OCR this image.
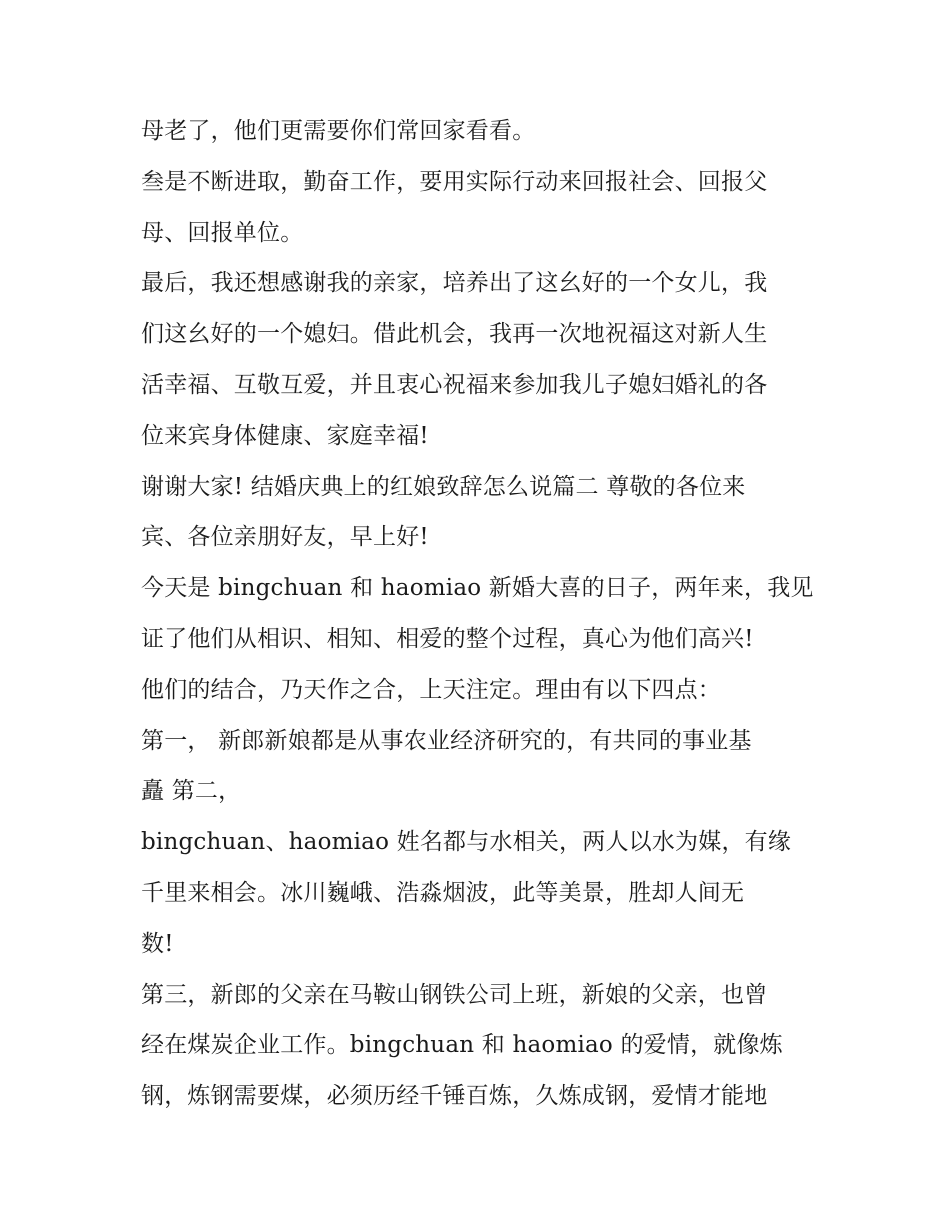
母老了，他们更需要你们常回家看看。
叁是不断进取，勤奋工作，要用实际行动来回报社会、回报父
母、回报单位。
最后，我还想感谢我的亲家，培养出了这幺好的一个女儿，我
们这幺好的一个媳妇。借此机会，我再一次地祝福这对新人生
活幸福、互敬互爱，并且衷心祝福来参加我儿子媳妇婚礼的各
位来宾身体健康、家庭幸福!
谢谢大家! 结婚庆典上的红娘致辞怎么说篇二 尊敬的各位来
宾、各位亲朋好友，早上好!
今天是 bingchuan 和 haomiao 新婚大喜的日子，两年来，我见
证了他们从相识、相知、相爱的整个过程，真心为他们高兴!
他们的结合，乃天作之合，上天注定。理由有以下四点：
第一， 新郎新娘都是从事农业经济研究的，有共同的事业基
矗 第二，
bingchuan、haomiao 姓名都与水相关，两人以水为媒，有缘
千里来相会。冰川巍峨、浩淼烟波，此等美景，胜却人间无
数!
第三，新郎的父亲在马鞍山钢铁公司上班，新娘的父亲，也曾
经在煤炭企业工作。bingchuan 和 haomiao 的爱情，就像炼
钢，炼钢需要煤，必须历经千锤百炼，久炼成钢，爱情才能地
